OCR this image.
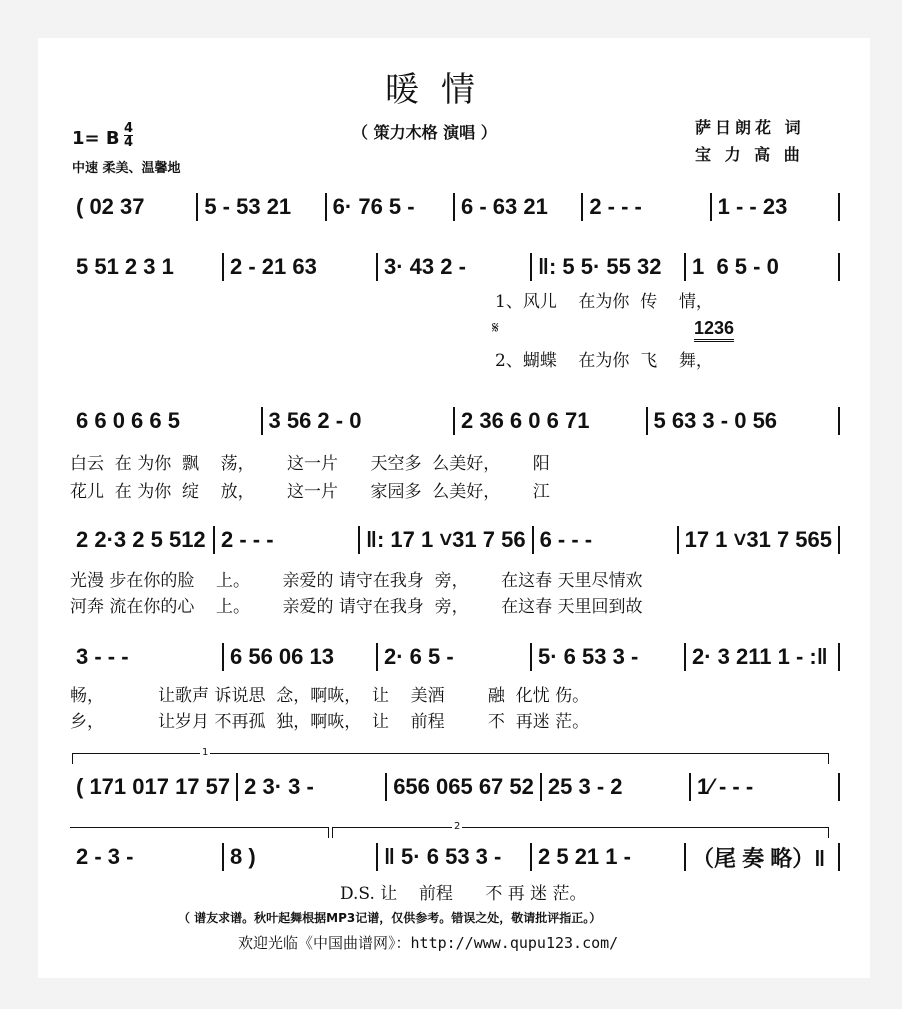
暖情
（ 策力木格 演唱 ）	萨日朗花 词
宝 力 高 曲
1= B 4
4
中速 柔美、温馨地
( 02 37	5 - 53 21	6· 76 5 -	6 - 63 21	2 - - -	1 - - 23
5 51 2 3 1	2 - 21 63	3· 43 2 -	‖: 5 5· 55 32	1  6 5 - 0
1、风儿    在为你  传    情，
𝄋	1236
2、蝴蝶    在为你  飞    舞，
6 6 0 6 6 5	3 56 2 - 0	2 36 6 0 6 71	5 63 3 - 0 56
白云  在 为你  飘    荡，      这一片      天空多  么美好，      阳
花儿  在 为你  绽    放，      这一片      家园多  么美好，      江
2 2·3 2 5 512 2 - - -	‖: 17 1 ˅31 7 56 6 - - -	17 1 ˅31 7 565
光漫 步在你的脸    上。      亲爱的 请守在我身  旁，      在这春 天里尽情欢
河奔 流在你的心    上。      亲爱的 请守在我身  旁，      在这春 天里回到故
3 - - -	6 56 06 13	2· 6 5 -	5· 6 53 3 -	2· 3 211 1 - :‖
畅，          让歌声 诉说思  念，啊咴，  让    美酒        融  化忧 伤。
乡，          让岁月 不再孤  独，啊咴，  让    前程        不  再迷 茫。
1
( 171 017 17 57 2 3· 3 -	656 065 67 52 25 3 - 2	1⁄ - - -
2
2 - 3 -	8 )	‖ 5· 6 53 3 -	2 5 21 1 -	（尾 奏 略）‖
D.S. 让    前程      不 再 迷 茫。
（ 谱友求谱。秋叶起舞根据MP3记谱，仅供参考。错误之处，敬请批评指正。）
欢迎光临《中国曲谱网》：http://www.qupu123.com/
